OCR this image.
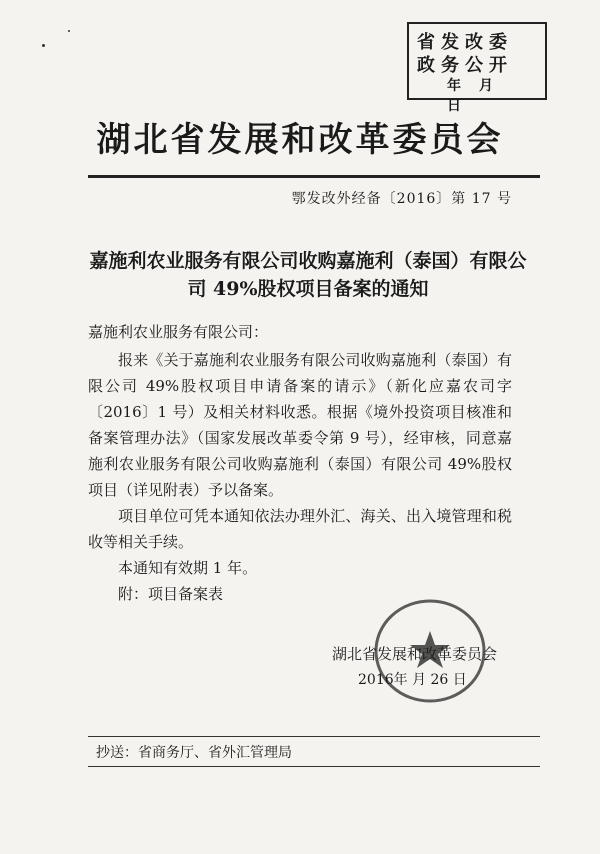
省发改委
政务公开
年月日
湖北省发展和改革委员会
鄂发改外经备〔2016〕第 17 号
嘉施利农业服务有限公司收购嘉施利（泰国）有限公司 49%股权项目备案的通知
嘉施利农业服务有限公司：

报来《关于嘉施利农业服务有限公司收购嘉施利（泰国）有限公司 49%股权项目申请备案的请示》（新化应嘉农司字〔2016〕1 号）及相关材料收悉。根据《境外投资项目核准和备案管理办法》（国家发展改革委令第 9 号），经审核，同意嘉施利农业服务有限公司收购嘉施利（泰国）有限公司 49%股权项目（详见附表）予以备案。

项目单位可凭本通知依法办理外汇、海关、出入境管理和税收等相关手续。

本通知有效期 1 年。

附：项目备案表

湖北省发展和改革委员会
2016年 月 26 日
抄送：省商务厅、省外汇管理局
